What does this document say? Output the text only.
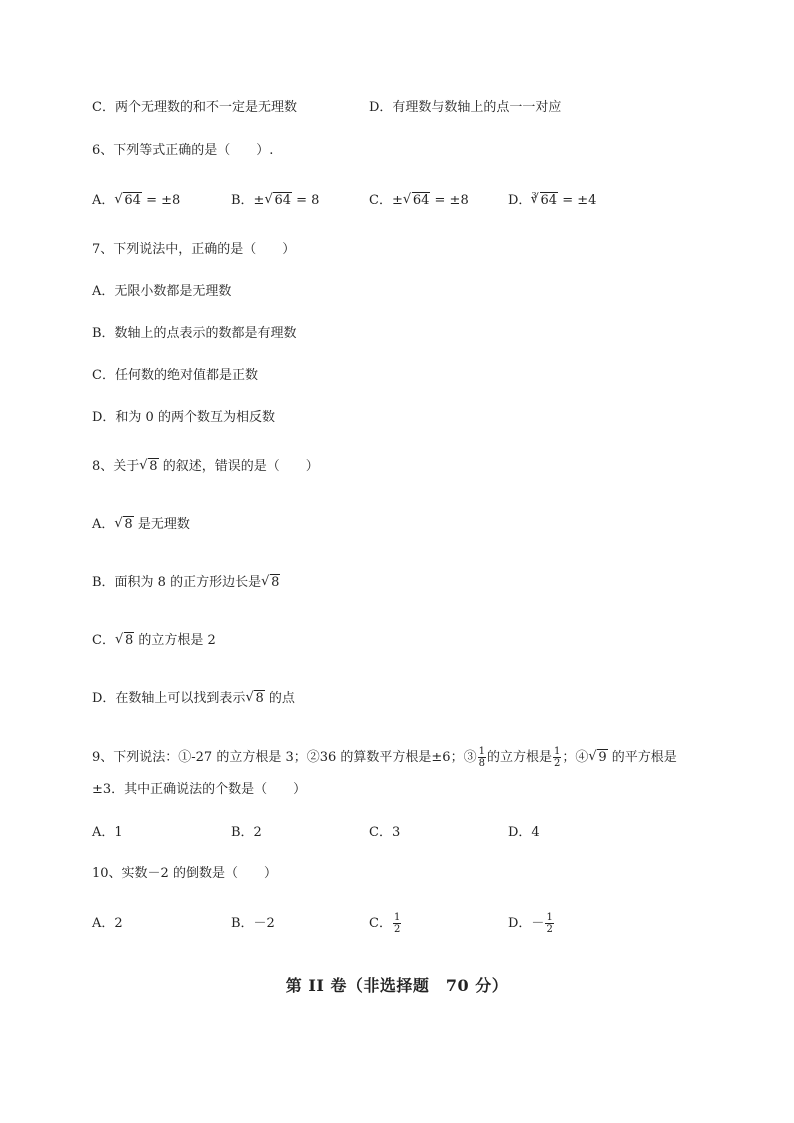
C．两个无理数的和不一定是无理数	D．有理数与数轴上的点一一对应
6、下列等式正确的是（　　）.
A． √ 64 = ±8	B．± √ 64 = 8	C．± √ 64 = ±8	D．$^3$ √ 64 = ±4
7、下列说法中，正确的是（　　）
A．无限小数都是无理数
B．数轴上的点表示的数都是有理数
C．任何数的绝对值都是正数
D．和为 0 的两个数互为相反数
8、关于 √ 8 的叙述，错误的是（　　）
A． √ 8 是无理数
B．面积为 8 的正方形边长是 √ 8
C． √ 8 的立方根是 2
D．在数轴上可以找到表示 √ 8 的点
9、下列说法：①-27 的立方根是 3；②36 的算数平方根是±6；③ $\frac{1}{8}$ 的立方根是 $\frac{1}{2}$ ；④ √ 9 的平方根是
±3．其中正确说法的个数是（　　）
A．1	B．2	C．3	D．4
10、实数－2 的倒数是（　　）
A．2	B．－2	C． $\frac{1}{2}$	D．－ $\frac{1}{2}$
第 II 卷（非选择题　70 分）
